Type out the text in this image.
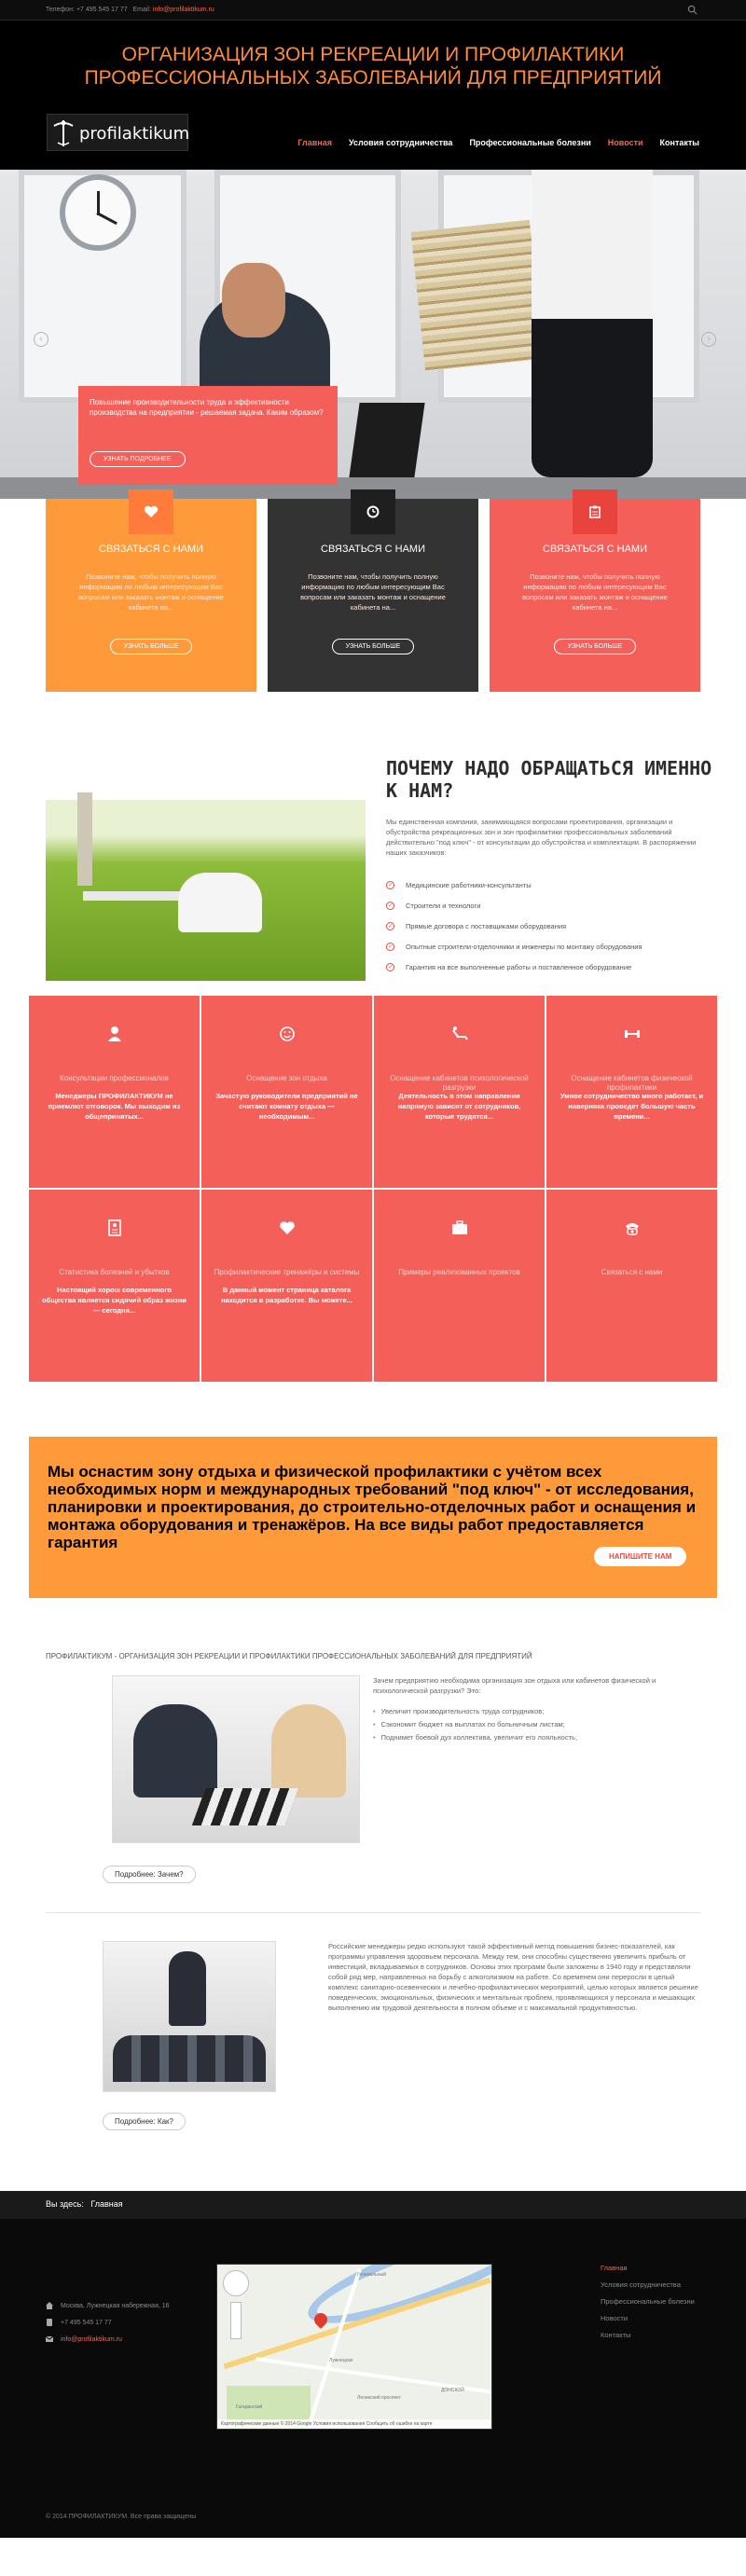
Телефон: +7 495 545 17 77 Email: info@profilaktikum.ru
ОРГАНИЗАЦИЯ ЗОН РЕКРЕАЦИИ И ПРОФИЛАКТИКИ ПРОФЕССИОНАЛЬНЫХ ЗАБОЛЕВАНИЙ ДЛЯ ПРЕДПРИЯТИЙ
profilaktikum	Главная Условия сотрудничества Профессиональные болезни Новости Контакты
‹	›
Повышение производительности труда и эффективности производства на предприятии - решаемая задача. Каким образом?
УЗНАТЬ ПОДРОБНЕЕ
СВЯЗАТЬСЯ С НАМИ
Позвоните нам, чтобы получить полную информацию по любым интересующим Вас вопросам или заказать монтаж и оснащение кабинета на...
УЗНАТЬ БОЛЬШЕ
СВЯЗАТЬСЯ С НАМИ
Позвоните нам, чтобы получить полную информацию по любым интересующим Вас вопросам или заказать монтаж и оснащение кабинета на...
УЗНАТЬ БОЛЬШЕ
СВЯЗАТЬСЯ С НАМИ
Позвоните нам, чтобы получить полную информацию по любым интересующим Вас вопросам или заказать монтаж и оснащение кабинета на...
УЗНАТЬ БОЛЬШЕ
ПОЧЕМУ НАДО ОБРАЩАТЬСЯ ИМЕННО К НАМ?

Мы единственная компания, занимающаяся вопросами проектирования, организации и обустройства рекреационных зон и зон профилактики профессиональных заболеваний действительно "под ключ" - от консультации до обустройства и комплектации. В распоряжении наших заказчиков:

✓ Медицинские работники-консультанты
✓ Строители и технологи
✓ Прямые договора с поставщиками оборудования
✓ Опытные строители-отделочники и инженеры по монтажу оборудования
✓ Гарантия на все выполненные работы и поставленное оборудование
Консультации профессионалов
Менеджеры ПРОФИЛАКТИКУМ не приемлют отговорок. Мы выходим из общепринятых...
Оснащение зон отдыха
Зачастую руководители предприятий не считают комнату отдыха — необходимым...
Оснащение кабинетов психологической разгрузки
Деятельность в этом направлении напрямую зависит от сотрудников, которые трудятся...
Оснащение кабинетов физической профилактики
Умное сотрудничество много работает, и наверняка проведет большую часть времени...
Статистика болезней и убытков
Настоящий хорош современного общества является сидячий образ жизни — сегодня...
Профилактические тренажёры и системы
В данный момент страница каталога находится в разработке. Вы можете...
Примеры реализованных проектов	Связаться с нами
Мы оснастим зону отдыха и физической профилактики с учётом всех необходимых норм и международных требований "под ключ" - от исследования, планировки и проектирования, до строительно-отделочных работ и оснащения и монтажа оборудования и тренажёров. На все виды работ предоставляется гарантия
НАПИШИТЕ НАМ
ПРОФИЛАКТИКУМ - ОРГАНИЗАЦИЯ ЗОН РЕКРЕАЦИИ И ПРОФИЛАКТИКИ ПРОФЕССИОНАЛЬНЫХ ЗАБОЛЕВАНИЙ ДЛЯ ПРЕДПРИЯТИЙ
Зачем предприятию необходима организация зон отдыха или кабинетов физической и психологической разгрузки? Это:
• Увеличит производительность труда сотрудников;
• Сэкономит бюджет на выплатах по больничным листам;
• Поднимет боевой дух коллектива, увеличит его лояльность;
Подробнее: Зачем?
Российские менеджеры редко используют такой эффективный метод повышения бизнес-показателей, как программы управления здоровьем персонала. Между тем, они способны существенно увеличить прибыль от инвестиций, вкладываемых в сотрудников. Основы этих программ были заложены в 1940 году и представляли собой ряд мер, направленных на борьбу с алкоголизмом на работе. Со временем они переросли в целый комплекс санитарно-осевенческих и лечебно-профилактических мероприятий, целью которых является решение поведенческих, эмоциональных, физических и ментальных проблем, проявляющихся у персонала и мешающих выполнению им трудовой деятельности в полном объеме и с максимальной продуктивностью.
Подробнее: Как?
Вы здесь: Главная
Москва, Лужнецкая набережная, 16
+7 495 545 17 77
info@profilaktikum.ru
Генеральный
Лужнецкая
ДОНСКОЙ
Гагаринский
Ленинский проспект
Картографические данные © 2014 Google Условия использования Сообщить об ошибке на карте
Главная
Условия сотрудничества
Профессиональные болезни
Новости
Контакты
© 2014 ПРОФИЛАКТИКУМ. Все права защищены
